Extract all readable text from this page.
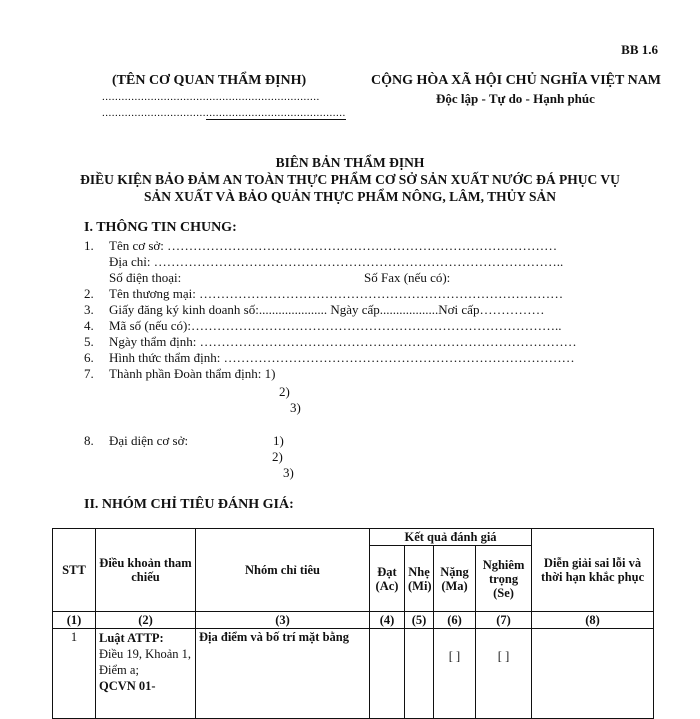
BB 1.6
(TÊN CƠ QUAN THẨM ĐỊNH)
...................................................................
...........................................................................
CỘNG HÒA XÃ HỘI CHỦ NGHĨA VIỆT NAM
Độc lập - Tự do - Hạnh phúc
BIÊN BẢN THẨM ĐỊNH
ĐIỀU KIỆN BẢO ĐẢM AN TOÀN THỰC PHẨM CƠ SỞ SẢN XUẤT NƯỚC ĐÁ PHỤC VỤ
SẢN XUẤT VÀ BẢO QUẢN THỰC PHẨM NÔNG, LÂM, THỦY SẢN
I. THÔNG TIN CHUNG:
1. Tên cơ sở: ………………………………………………………………………………
Địa chỉ: …………………………………………………………………………………..
Số điện thoại:	Số Fax (nếu có):
2. Tên thương mại: …………………………………………………………………………
3. Giấy đăng ký kinh doanh số:..................... Ngày cấp..................Nơi cấp……………
4. Mã số (nếu có):…………………………………………………………………………..
5. Ngày thẩm định: ……………………………………………………………………………
6. Hình thức thẩm định: ………………………………………………………………………
7. Thành phần Đoàn thẩm định: 1)
2)
3)
8. Đại diện cơ sở:	1)
2)
3)
II. NHÓM CHỈ TIÊU ĐÁNH GIÁ:
STT	Điều khoản tham chiếu	Nhóm chỉ tiêu	Kết quả đánh giá				Diễn giải sai lỗi và thời hạn khắc phục
			Đạt (Ac)	Nhẹ (Mi)	Nặng (Ma)	Nghiêm trọng (Se)	
(1)	(2)	(3)	(4)	(5)	(6)	(7)	(8)
1	Luật ATTP:
Điều 19, Khoản 1, Điểm a;
QCVN 01-	Địa điểm và bố trí mặt bằng			[ ]	[ ]	
